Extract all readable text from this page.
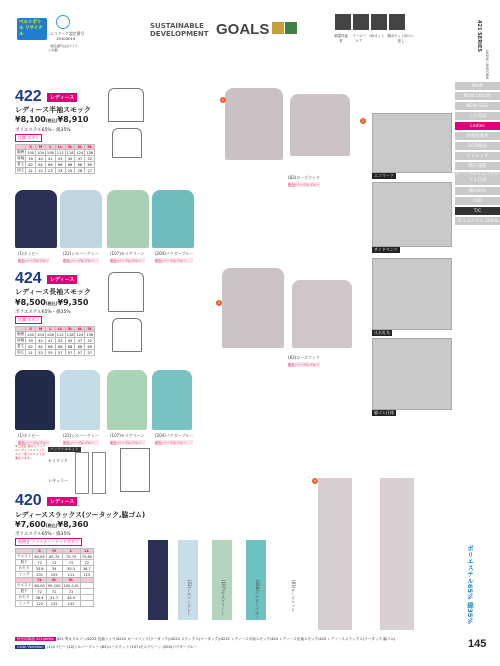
ベルトボトル リサイクル	エコマーク認定番号
19103014
（認定番号は全アイテム共通）
SUSTAINABLE
DEVELOPMENT GOALS	制電性素材
イージーケア
UVカット 胸ポケット用ペン差し	421 SERIES
WORK UNIFORM
422	レディース
レディース半袖スモック
¥8,100(税込)¥8,910
ポリエステル65%・綿35%
比翼 ボタン
	S	M	L	LL	3L	4L	5L
胸囲	100	104	108	112	118	124	136
肩幅	39	40	41	43	45	47	52
着丈	62	64	66	66	68	68	69
袖丈	21	22	23	24	25	26	27
(1)ネイビー
配色:バーブルブルー
(22)シルバーグレー
配色:バーブルブルー
(107)モスグリーン
配色:バーブルブルー
(204)パウダーブルー
配色:バーブルブルー
(83)ローズウッド
配色:バーブルブルー
424	レディース
レディース長袖スモック
¥8,500(税込)¥9,350
ポリエステル65%・綿35%
比翼 ボタン
	S	M	L	LL	3L	4L	5L
胸囲	100	104	108	112	118	124	136
肩幅	39	40	41	43	45	47	52
着丈	62	64	66	66	68	68	69
袖丈	51	53	55	57	57	57	57
(1)ネイビー
配色:バーブルブルー
(22)シルバーグレー
配色:バーブルブルー
(107)モスグリーン
配色:バーブルブルー
(204)パウダーブルー
配色:バーブルブルー
(83)ローズウッド
配色:バーブルブルー
バンツシルエット
セミワイド
レギュラー
※ご注意 他のシリーズのレディーススラックスと一部シルエットが異なります。
420	レディース
レディーススラックス(ツータック,脇ゴム)
¥7,600(税込)¥8,360
ポリエステル65%・綿35%
前開き ファスナー・ドットボタン
	S	M	L	LL
ウエスト	60-65	65-70	70-75	75-80
股下	72	72	72	72
わたり	33.6	34	35.3	36.7
ヒップ	101	105	111	115
	3L	4L	5L	
ウエスト	80-90	90-100	100-110	
股下	72	72	72	
わたり	38.4	41.7	44.5	
ヒップ	122	132	142	
(1)ネイビー	(22)シルバーグレー	(107)モスグリーン	(204)パウダーブルー	(83)ローズウッド
エコマーク
サイドペンツ
氏名札布
脇ゴム仕様
1
2
3
4
NEW
NEW COLOR
NEW SIZE
主力商品
Ladies
制電性素材
ECO商品
ストレッチ
吸汗速乾
Pバンプルリエステル ゴム仕様
綿100%
CVD
T/C
ポリエステル 100%
ポリエステル65% 綿35%
秋冬用商品 421series 421 男女プルゾン/4225 長袖シャツ/4220 カーゴパンツ(ツータック)/4223 スラックス(ツータック)/4222 レディース半袖スモック/424 レディース長袖スモック/420 レディーススラックス(ツータック,脇ゴム)
Color Variation (1)ネイビー (22)シルバーグレー (83)ローズウッド (107)モスグリーン (204)パウダーブルー	145
